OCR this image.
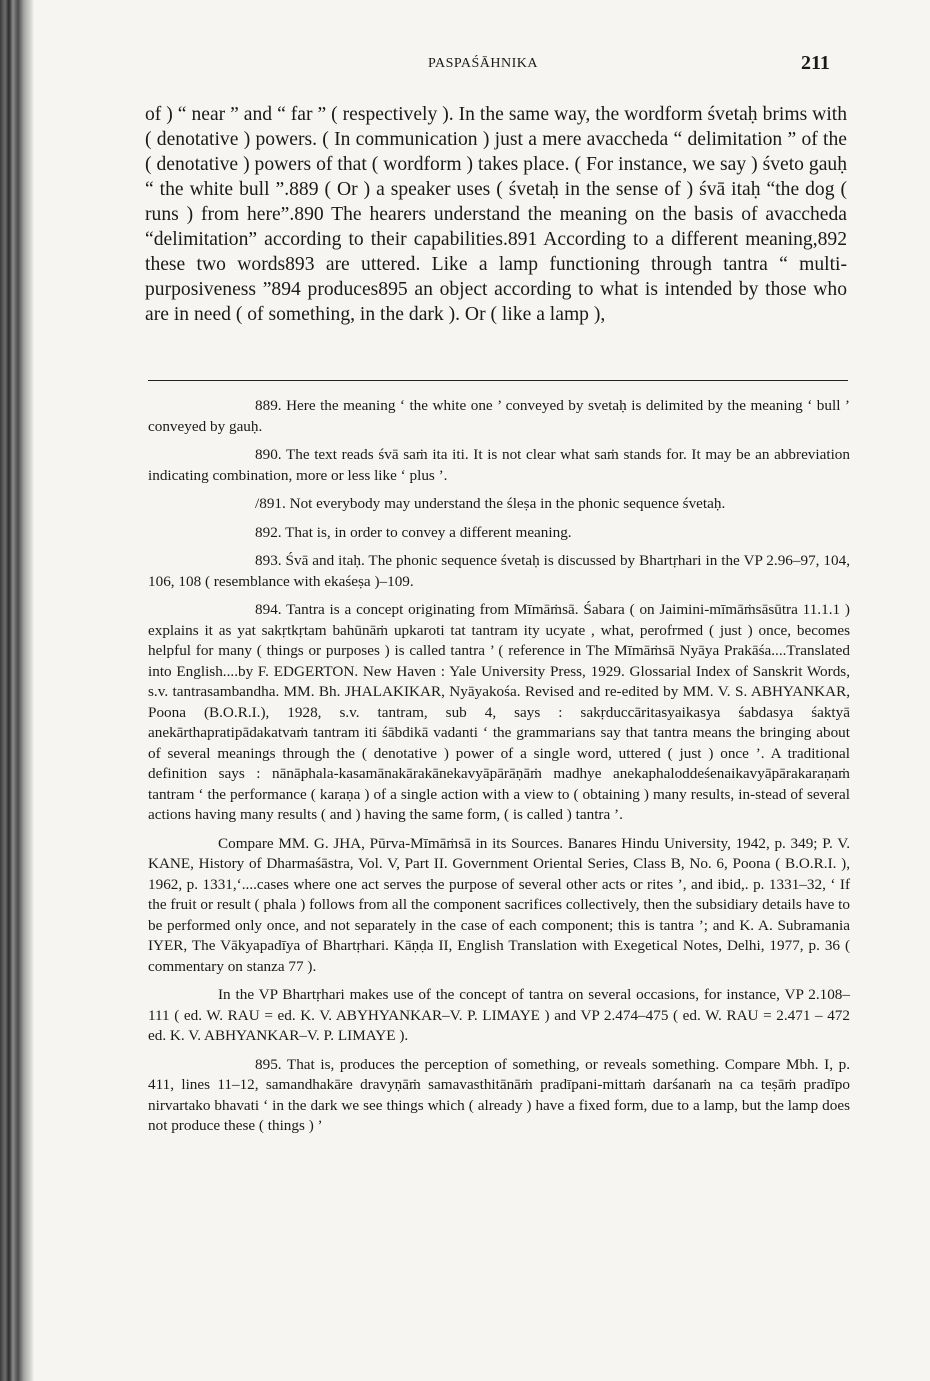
PASPAŚĀHNIKA	211

of ) “ near ” and “ far ” ( respectively ). In the same way, the wordform śvetaḥ brims with ( denotative ) powers. ( In communication ) just a mere avaccheda “ delimitation ” of the ( denotative ) powers of that ( wordform ) takes place. ( For instance, we say ) śveto gauḥ “ the white bull ”.889 ( Or ) a speaker uses ( śvetaḥ in the sense of ) śvā itaḥ “the dog ( runs ) from here”.890 The hearers understand the meaning on the basis of avaccheda “delimitation” according to their capabilities.891 According to a different meaning,892 these two words893 are uttered. Like a lamp functioning through tantra “ multi-purposiveness ”894 produces895 an object according to what is intended by those who are in need ( of something, in the dark ). Or ( like a lamp ),

889. Here the meaning ‘ the white one ’ conveyed by svetaḥ is delimited by the meaning ‘ bull ’ conveyed by gauḥ.

890. The text reads śvā saṁ ita iti. It is not clear what saṁ stands for. It may be an abbreviation indicating combination, more or less like ‘ plus ’.

/891. Not everybody may understand the śleṣa in the phonic sequence śvetaḥ.

892. That is, in order to convey a different meaning.

893. Śvā and itaḥ. The phonic sequence śvetaḥ is discussed by Bhartṛhari in the VP 2.96–97, 104, 106, 108 ( resemblance with ekaśeṣa )–109.

894. Tantra is a concept originating from Mīmāṁsā. Śabara ( on Jaimini-mīmāṁsāsūtra 11.1.1 ) explains it as yat sakṛtkṛtam bahūnāṁ upkaroti tat tantram ity ucyate , what, perofrmed ( just ) once, becomes helpful for many ( things or purposes ) is called tantra ’ ( reference in The Mīmāṁsā Nyāya Prakāśa....Translated into English....by F. EDGERTON. New Haven : Yale University Press, 1929. Glossarial Index of Sanskrit Words, s.v. tantrasambandha. MM. Bh. JHALAKIKAR, Nyāyakośa. Revised and re-edited by MM. V. S. ABHYANKAR, Poona (B.O.R.I.), 1928, s.v. tantram, sub 4, says : sakṛduccāritasyaikasya śabdasya śaktyā anekārthapratipādakatvaṁ tantram iti śābdikā vadanti ‘ the grammarians say that tantra means the bringing about of several meanings through the ( denotative ) power of a single word, uttered ( just ) once ’. A traditional definition says : nānāphala-kasamānakārakānekavyāpārāṇāṁ madhye anekaphaloddeśenaikavyāpārakaraṇaṁ tantram ‘ the performance ( karaṇa ) of a single action with a view to ( obtaining ) many results, in-stead of several actions having many results ( and ) having the same form, ( is called ) tantra ’.

Compare MM. G. JHA, Pūrva-Mīmāṁsā in its Sources. Banares Hindu University, 1942, p. 349; P. V. KANE, History of Dharmaśāstra, Vol. V, Part II. Government Oriental Series, Class B, No. 6, Poona ( B.O.R.I. ), 1962, p. 1331,‘....cases where one act serves the purpose of several other acts or rites ’, and ibid,. p. 1331–32, ‘ If the fruit or result ( phala ) follows from all the component sacrifices collectively, then the subsidiary details have to be performed only once, and not separately in the case of each component; this is tantra ’; and K. A. Subramania IYER, The Vākyapadīya of Bhartṛhari. Kāṇḍa II, English Translation with Exegetical Notes, Delhi, 1977, p. 36 ( commentary on stanza 77 ).

In the VP Bhartṛhari makes use of the concept of tantra on several occasions, for instance, VP 2.108–111 ( ed. W. RAU = ed. K. V. ABYHYANKAR–V. P. LIMAYE ) and VP 2.474–475 ( ed. W. RAU = 2.471 – 472 ed. K. V. ABHYANKAR–V. P. LIMAYE ).

895. That is, produces the perception of something, or reveals something. Compare Mbh. I, p. 411, lines 11–12, samandhakāre dravyṇāṁ samavasthitānāṁ pradīpani-mittaṁ darśanaṁ na ca teṣāṁ pradīpo nirvartako bhavati ‘ in the dark we see things which ( already ) have a fixed form, due to a lamp, but the lamp does not produce these ( things ) ’
